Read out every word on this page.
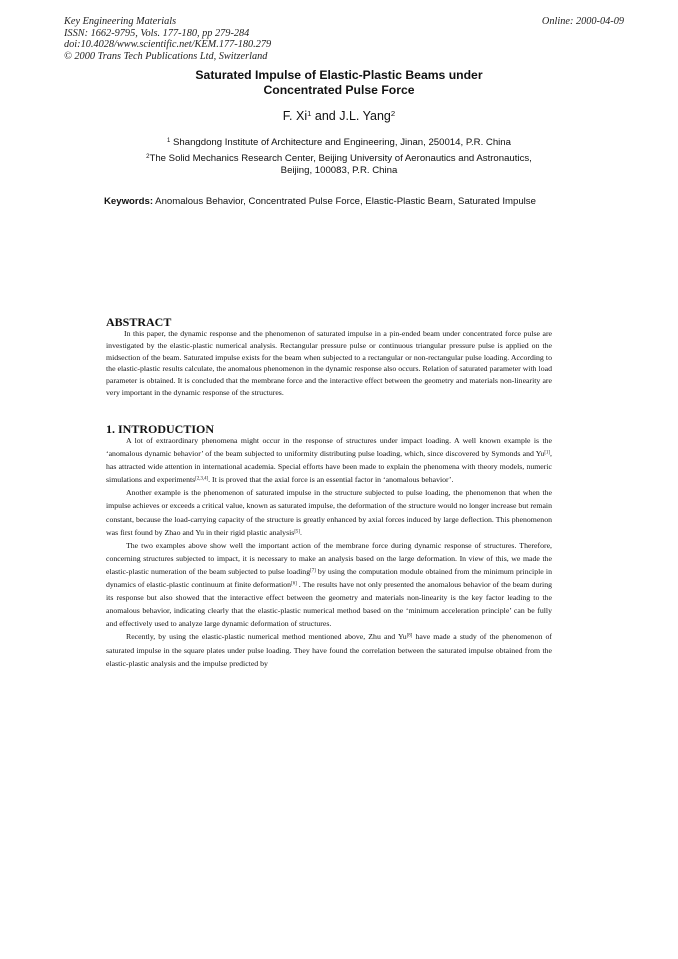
Key Engineering Materials
ISSN: 1662-9795, Vols. 177-180, pp 279-284
doi:10.4028/www.scientific.net/KEM.177-180.279
© 2000 Trans Tech Publications Ltd, Switzerland
Online: 2000-04-09
Saturated Impulse of Elastic-Plastic Beams under
Concentrated Pulse Force
F. Xi$^1$ and J.L. Yang$^2$
$^1$ Shangdong Institute of Architecture and Engineering, Jinan, 250014, P.R. China
$^2$The Solid Mechanics Research Center, Beijing University of Aeronautics and Astronautics,
Beijing, 100083, P.R. China
Keywords: Anomalous Behavior, Concentrated Pulse Force, Elastic-Plastic Beam, Saturated Impulse
ABSTRACT
In this paper, the dynamic response and the phenomenon of saturated impulse in a pin-ended beam under concentrated force pulse are investigated by the elastic-plastic numerical analysis. Rectangular pressure pulse or continuous triangular pressure pulse is applied on the midsection of the beam. Saturated impulse exists for the beam when subjected to a rectangular or non-rectangular pulse loading. According to the elastic-plastic results calculate, the anomalous phenomenon in the dynamic response also occurs. Relation of saturated parameter with load parameter is obtained. It is concluded that the membrane force and the interactive effect between the geometry and materials non-linearity are very important in the dynamic response of the structures.
1. INTRODUCTION

A lot of extraordinary phenomena might occur in the response of structures under impact loading. A well known example is the ‘anomalous dynamic behavior’ of the beam subjected to uniformity distributing pulse loading, which, since discovered by Symonds and Yu[1], has attracted wide attention in international academia. Special efforts have been made to explain the phenomena with theory models, numeric simulations and experiments[2,3,4]. It is proved that the axial force is an essential factor in ‘anomalous behavior’.

Another example is the phenomenon of saturated impulse in the structure subjected to pulse loading, the phenomenon that when the impulse achieves or exceeds a critical value, known as saturated impulse, the deformation of the structure would no longer increase but remain constant, because the load-carrying capacity of the structure is greatly enhanced by axial forces induced by large deflection. This phenomenon was first found by Zhao and Yu in their rigid plastic analysis[5].

The two examples above show well the important action of the membrane force during dynamic response of structures. Therefore, concerning structures subjected to impact, it is necessary to make an analysis based on the large deformation. In view of this, we made the elastic-plastic numeration of the beam subjected to pulse loading[7] by using the computation module obtained from the minimum principle in dynamics of elastic-plastic continuum at finite deformation[6] . The results have not only presented the anomalous behavior of the beam during its response but also showed that the interactive effect between the geometry and materials non-linearity is the key factor leading to the anomalous behavior, indicating clearly that the elastic-plastic numerical method based on the ‘minimum acceleration principle’ can be fully and effectively used to analyze large dynamic deformation of structures.

Recently, by using the elastic-plastic numerical method mentioned above, Zhu and Yu[8] have made a study of the phenomenon of saturated impulse in the square plates under pulse loading. They have found the correlation between the saturated impulse obtained from the elastic-plastic analysis and the impulse predicted by
